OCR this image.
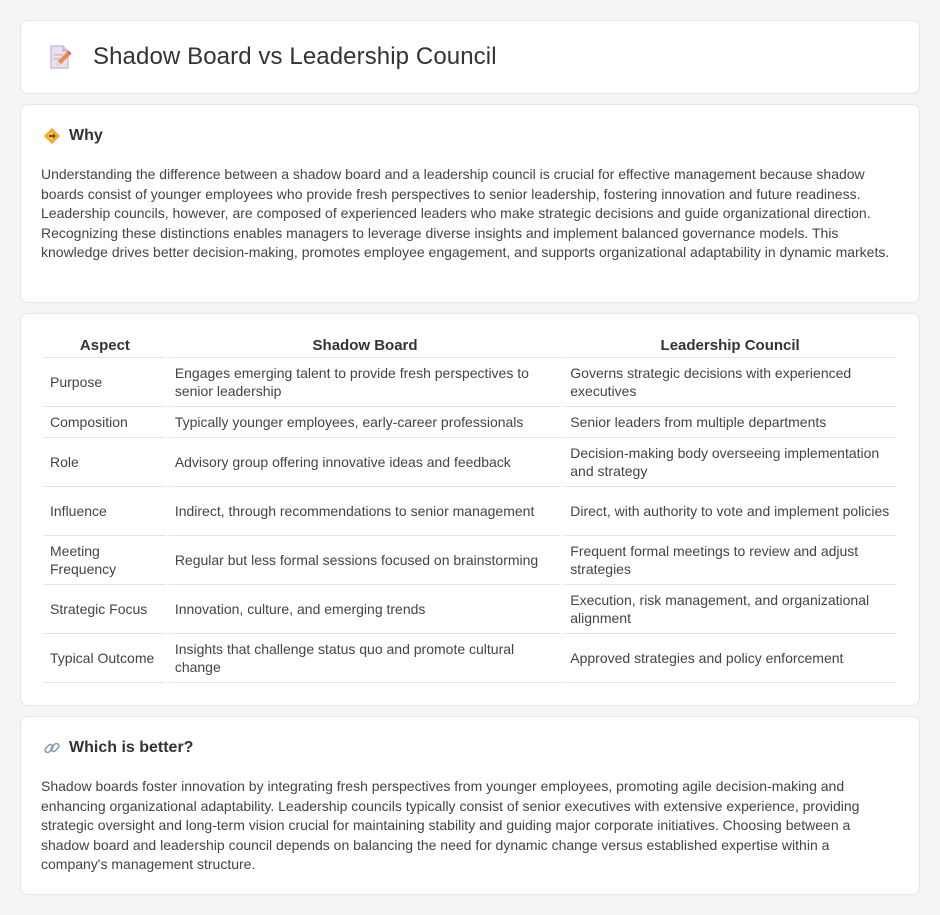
Shadow Board vs Leadership Council
Why

Understanding the difference between a shadow board and a leadership council is crucial for effective management because shadow boards consist of younger employees who provide fresh perspectives to senior leadership, fostering innovation and future readiness. Leadership councils, however, are composed of experienced leaders who make strategic decisions and guide organizational direction. Recognizing these distinctions enables managers to leverage diverse insights and implement balanced governance models. This knowledge drives better decision-making, promotes employee engagement, and supports organizational adaptability in dynamic markets.

Aspect	Shadow Board	Leadership Council
Purpose	Engages emerging talent to provide fresh perspectives to senior leadership	Governs strategic decisions with experienced executives
Composition	Typically younger employees, early-career professionals	Senior leaders from multiple departments
Role	Advisory group offering innovative ideas and feedback	Decision-making body overseeing implementation and strategy
Influence	Indirect, through recommendations to senior management	Direct, with authority to vote and implement policies
Meeting Frequency	Regular but less formal sessions focused on brainstorming	Frequent formal meetings to review and adjust strategies
Strategic Focus	Innovation, culture, and emerging trends	Execution, risk management, and organizational alignment
Typical Outcome	Insights that challenge status quo and promote cultural change	Approved strategies and policy enforcement
Which is better?

Shadow boards foster innovation by integrating fresh perspectives from younger employees, promoting agile decision-making and enhancing organizational adaptability. Leadership councils typically consist of senior executives with extensive experience, providing strategic oversight and long-term vision crucial for maintaining stability and guiding major corporate initiatives. Choosing between a shadow board and leadership council depends on balancing the need for dynamic change versus established expertise within a company's management structure.
